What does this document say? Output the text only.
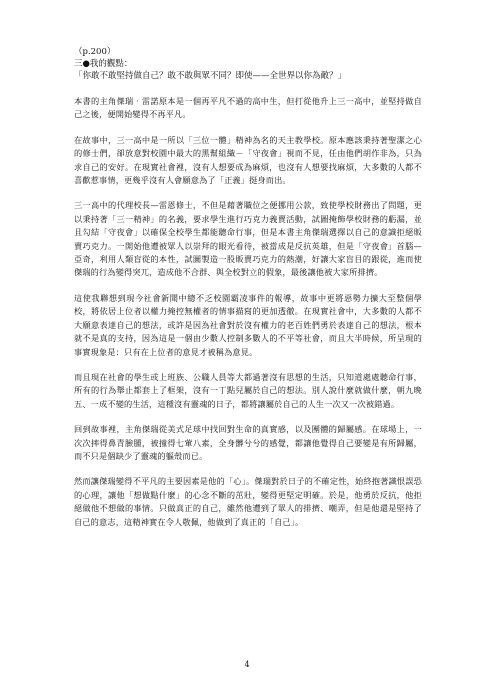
（p.200）

三●我的觀點：

「你敢不敢堅持做自己？敢不敢與眾不同？即使——全世界以你為敵？」

本書的主角傑瑞‧雷諾原本是一個再平凡不過的高中生，但打從他升上三一高中，並堅持做自己之後，便開始變得不再平凡。

在故事中，三一高中是一所以「三位一體」精神為名的天主教學校。原本應該秉持著聖潔之心的修士們，卻放意對校園中最大的黑幫組織－「守夜會」視而不見，任由他們胡作非為，只為求自己的安好。在現實社會裡，沒有人想要成為麻煩，也沒有人想要找麻煩，大多數的人都不喜歡惹事情，更幾乎沒有人會願意為了「正義」挺身而出。

三一高中的代理校長—雷恩修士，不但是藉著職位之便挪用公款，致使學校財務出了問題，更以秉持著「三一精神」的名義，要求學生進行巧克力義賣活動，試圖掩飾學校財務的虧漏，並且勾結「守夜會」以確保全校學生都能聽命行事，但是本書主角傑瑞選擇以自己的意識拒絕販賣巧克力。一開始他遭被眾人以崇拜的眼光看待，被當成是反抗英雄，但是「守夜會」首腦—亞奇，利用人類盲從的本性，試圖製造一股販賣巧克力的熱潮，好讓大家盲目的跟從，進而使傑瑞的行為變得突兀，造成他不合群、與全校對立的假象，最後讓他被大家所排擠。

這使我聯想到現今社會新聞中總不乏校園霸凌事件的報導，故事中更將惡勢力擴大至整個學校，將依居上位者以權力掩控無權者的情事描寫的更加透徹。在現實社會中，大多數的人都不大願意表達自己的想法，或許是因為社會對於沒有權力的老百姓們勇於表達自己的想法，根本就不是真的支持，因為這是一個由少數人控制多數人的不平等社會，而且大半時候，所呈現的事實現象是：只有在上位者的意見才被稱為意見。

而且現在社會的學生或上班族、公職人員等大都過著沒有思想的生活，只知道處處聽命行事，所有的行為舉止都套上了框架，沒有一丁點兒屬於自己的想法。別人說什麼就做什麼，朝九晚五、一成不變的生活，這種沒有靈魂的日子，都將讓屬於自己的人生一次又一次被錯過。

回到故事裡，主角傑瑞從美式足球中找回對生命的真實感，以及團體的歸屬感。在球場上，一次次摔得鼻青臉腫，被撞得七葷八素，全身髒兮兮的感覺，都讓他覺得自己要變是有所歸屬，而不只是個缺少了靈魂的軀殼而已。

然而讓傑瑞變得不平凡的主要因素是他的「心」。傑瑞對於日子的不確定性，始終抱著識恨誤恐的心理，讓他「想做點什麼」的心念不斷的茁壯，變得更堅定明確。於是，他勇於反抗，他拒絕做他不想做的事情。只做真正的自己，雖然他遭到了眾人的排擠、嘲弄，但是他還是堅持了自己的意志，這精神實在令人敬佩，他做到了真正的「自己」。

4
